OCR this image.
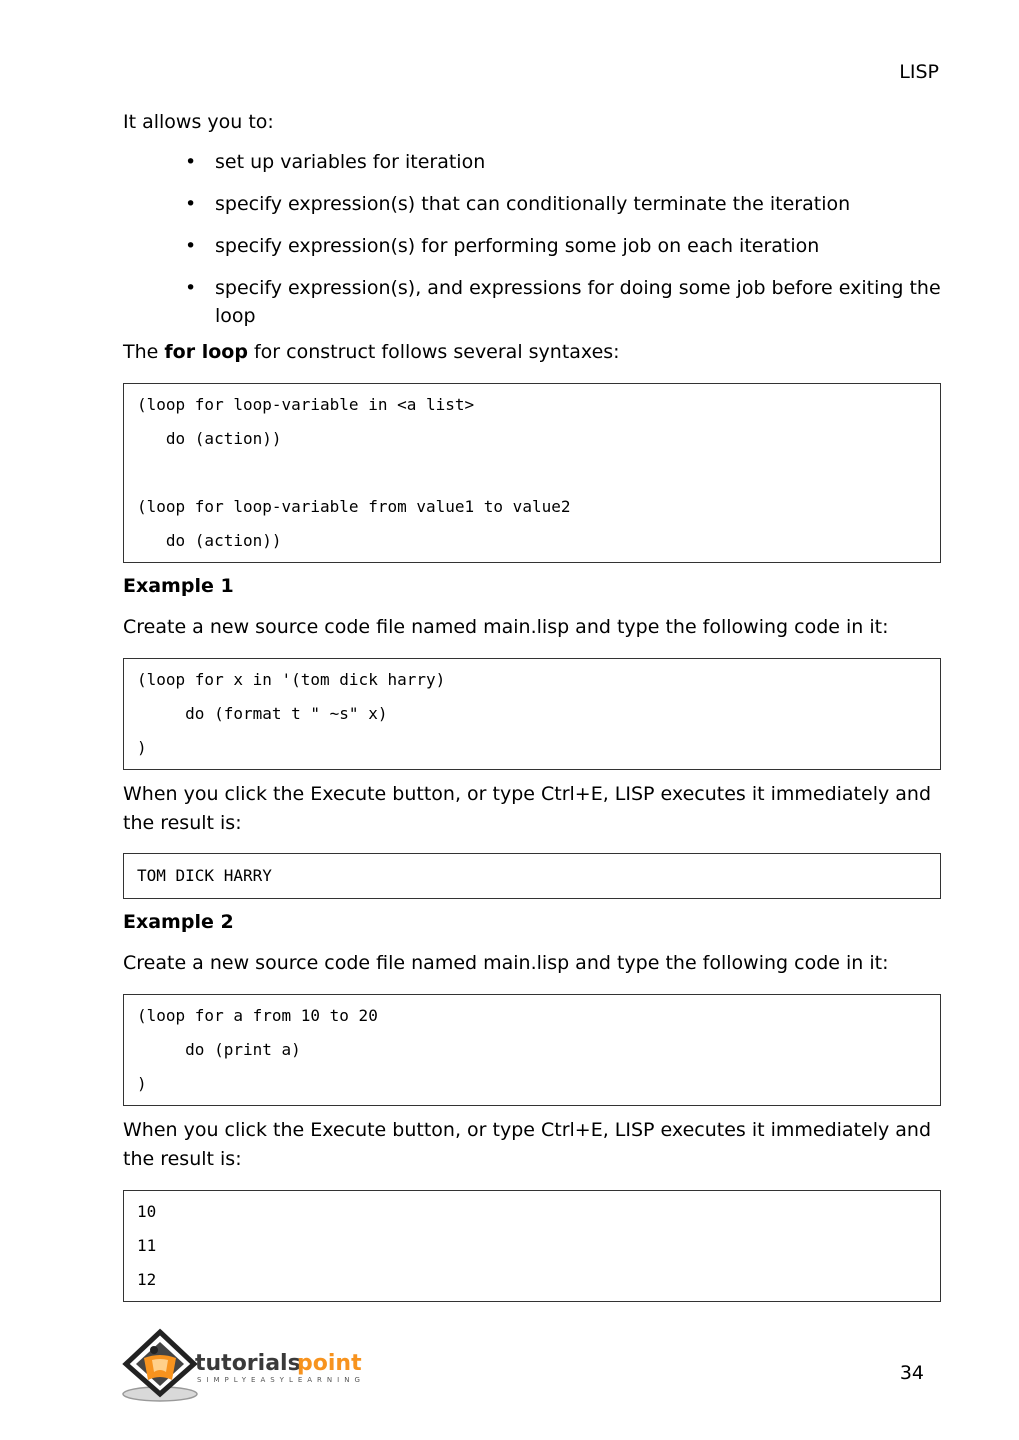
LISP

It allows you to:

• set up variables for iteration
• specify expression(s) that can conditionally terminate the iteration
• specify expression(s) for performing some job on each iteration
• specify expression(s), and expressions for doing some job before exiting the loop

The for loop for construct follows several syntaxes:

(loop for loop-variable in <a list>
do (action))

(loop for loop-variable from value1 to value2
do (action))
Example 1

Create a new source code file named main.lisp and type the following code in it:

(loop for x in '(tom dick harry)
do (format t " ~s" x)
)

When you click the Execute button, or type Ctrl+E, LISP executes it immediately and the result is:

TOM DICK HARRY
Example 2

Create a new source code file named main.lisp and type the following code in it:

(loop for a from 10 to 20
do (print a)
)

When you click the Execute button, or type Ctrl+E, LISP executes it immediately and the result is:

10
11
12
tutorials
point
SIMPLYEASYLEARNING	34
